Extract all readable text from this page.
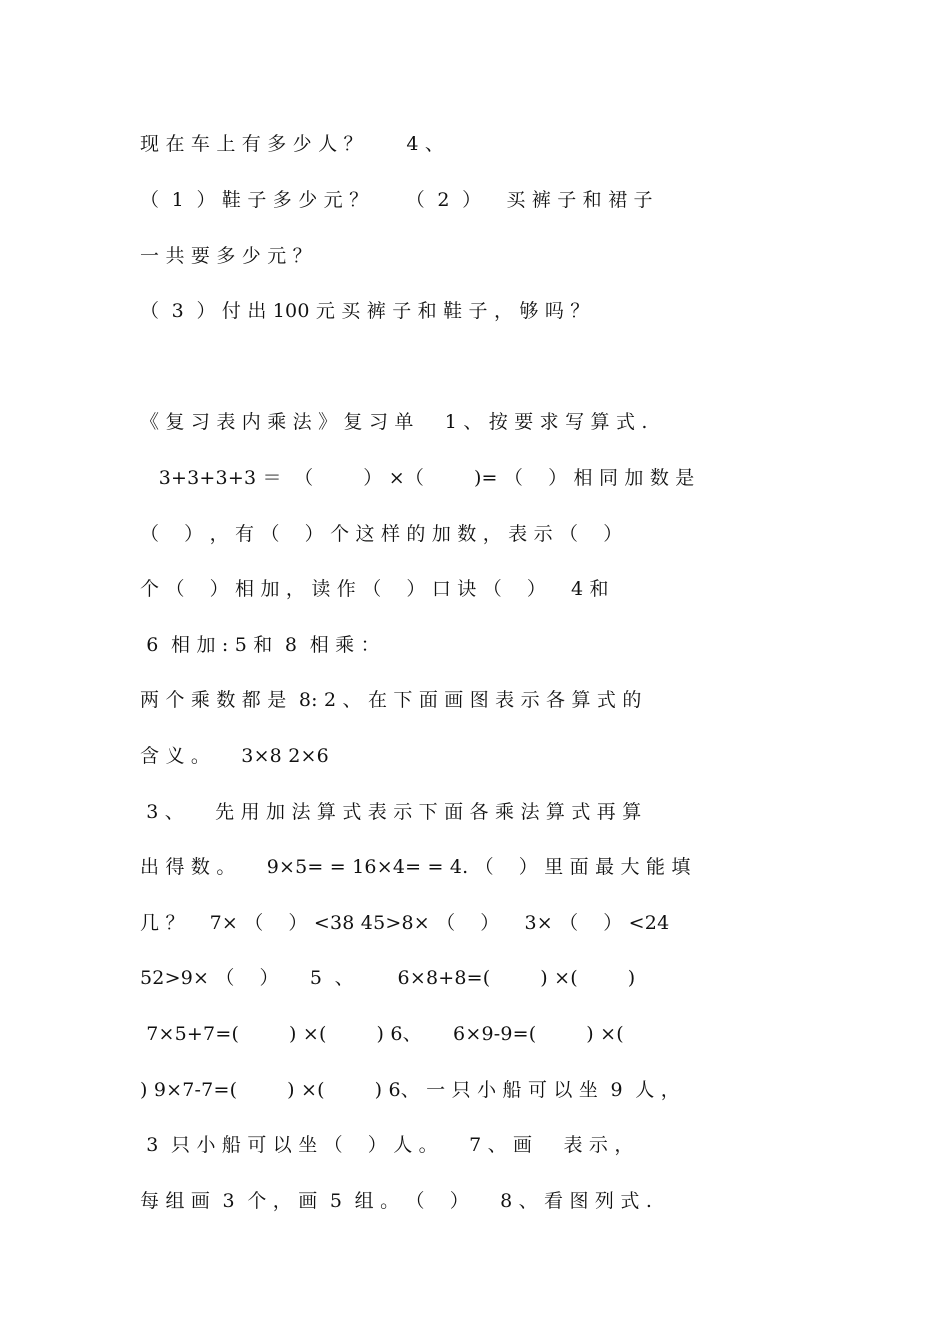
现 在 车 上 有 多 少 人 ？       4 、
（  1  ） 鞋 子 多 少 元 ？      （  2  ）    买 裤 子 和 裙 子
一 共 要 多 少 元 ？
（  3  ） 付 出 100 元 买 裤 子 和 鞋 子 ， 够 吗 ？
《 复 习 表 内 乘 法 》 复 习 单     1 、 按 要 求 写 算 式 .
3+3+3+3 ＝  （        ） ×（        )= （    ） 相 同 加 数 是
（    ） ， 有 （    ） 个 这 样 的 加 数 ， 表 示 （    ）
个 （    ） 相 加 ， 读 作 （    ） 口 诀 （    ）    4 和
6  相 加 : 5 和  8  相 乘 ：
两 个 乘 数 都 是  8: 2 、 在 下 面 画 图 表 示 各 算 式 的
含 义 。     3×8 2×6
3 、     先 用 加 法 算 式 表 示 下 面 各 乘 法 算 式 再 算
出 得 数 。     9×5= = 16×4= = 4. （    ） 里 面 最 大 能 填
几 ？    7× （    ） <38 45>8× （    ）    3× （    ） <24
52>9× （    ）     5  、       6×8+8=(        ) ×(        )
7×5+7=(        ) ×(        ) 6、     6×9-9=(        ) ×(
) 9×7-7=(        ) ×(        ) 6、 一 只 小 船 可 以 坐  9  人 ，
3  只 小 船 可 以 坐 （    ） 人 。     7 、 画     表 示 ，
每 组 画  3  个 ， 画  5  组 。 （    ）     8 、 看 图 列 式 .
